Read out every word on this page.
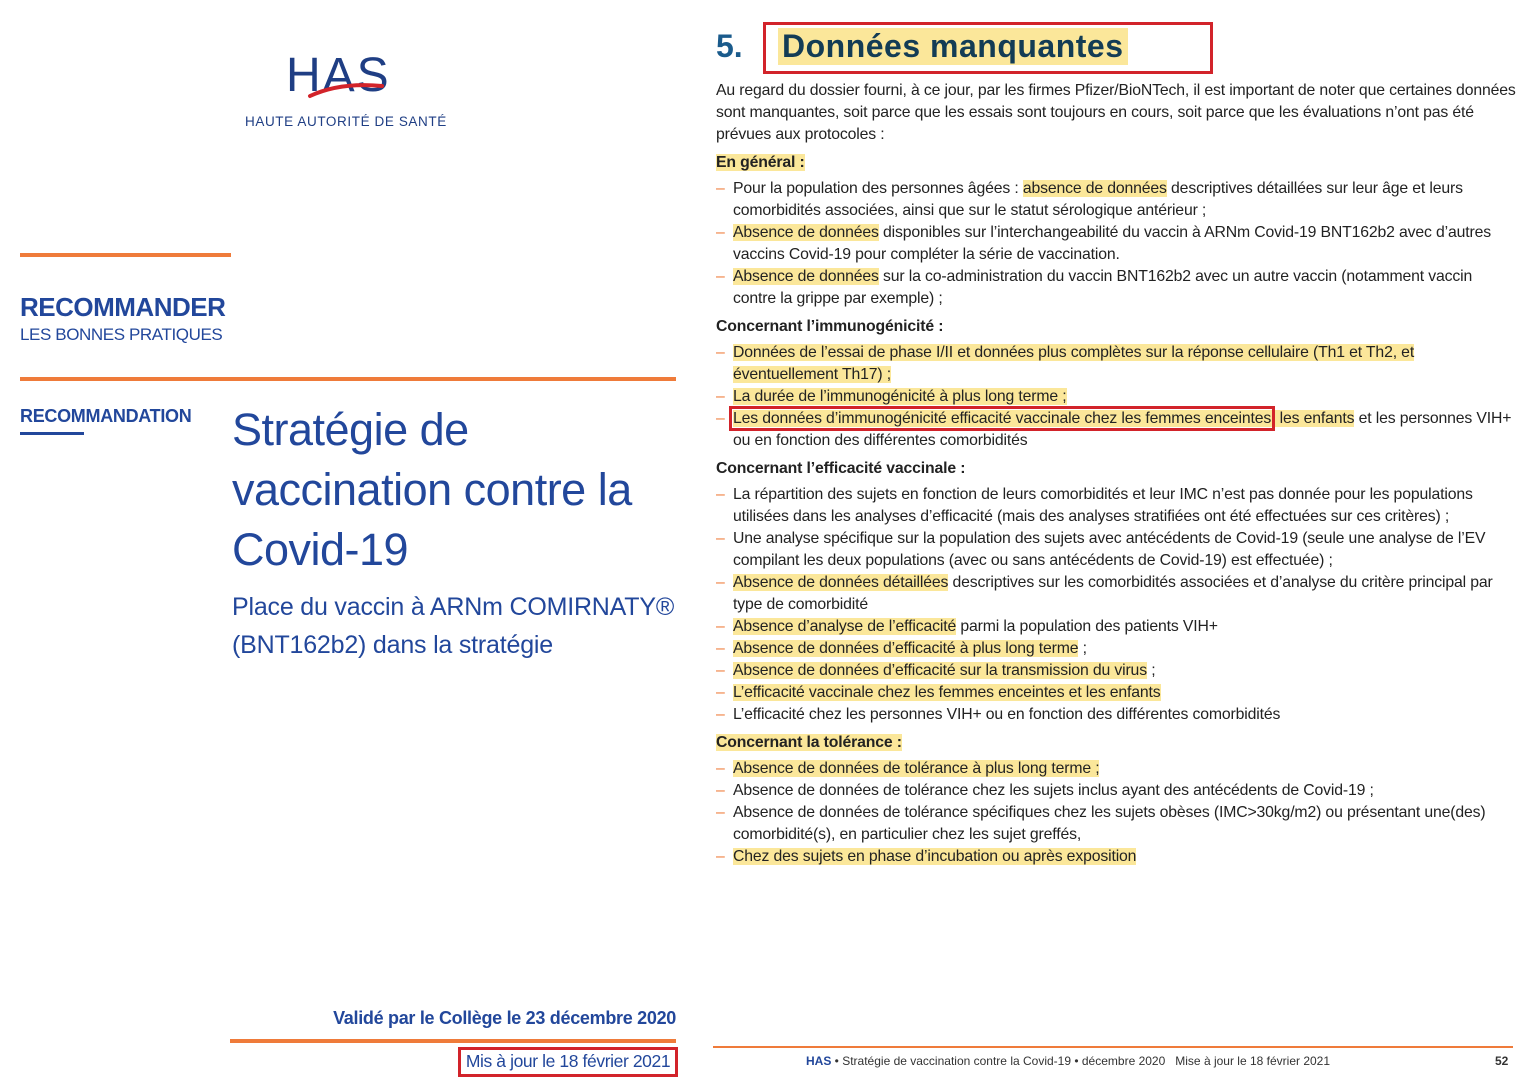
HAS
HAUTE AUTORITÉ DE SANTÉ
RECOMMANDER
LES BONNES PRATIQUES
RECOMMANDATION Stratégie de vaccination contre la Covid-19
Place du vaccin à ARNm COMIRNATY® (BNT162b2) dans la stratégie
Validé par le Collège le 23 décembre 2020
Mis à jour le 18 février 2021
5. Données manquantes

Au regard du dossier fourni, à ce jour, par les firmes Pfizer/BioNTech, il est important de noter que certaines données sont manquantes, soit parce que les essais sont toujours en cours, soit parce que les évaluations n’ont pas été prévues aux protocoles :

En général :

– Pour la population des personnes âgées : absence de données descriptives détaillées sur leur âge et leurs comorbidités associées, ainsi que sur le statut sérologique antérieur ;
– Absence de données disponibles sur l’interchangeabilité du vaccin à ARNm Covid-19 BNT162b2 avec d’autres vaccins Covid-19 pour compléter la série de vaccination.
– Absence de données sur la co-administration du vaccin BNT162b2 avec un autre vaccin (notamment vaccin contre la grippe par exemple) ;

Concernant l’immunogénicité :

– Données de l’essai de phase I/II et données plus complètes sur la réponse cellulaire (Th1 et Th2, et éventuellement Th17) ;
– La durée de l’immunogénicité à plus long terme ;
– Les données d’immunogénicité efficacité vaccinale chez les femmes enceintes, les enfants et les personnes VIH+ ou en fonction des différentes comorbidités

Concernant l’efficacité vaccinale :

– La répartition des sujets en fonction de leurs comorbidités et leur IMC n’est pas donnée pour les populations utilisées dans les analyses d’efficacité (mais des analyses stratifiées ont été effectuées sur ces critères) ;
– Une analyse spécifique sur la population des sujets avec antécédents de Covid-19 (seule une analyse de l’EV compilant les deux populations (avec ou sans antécédents de Covid-19) est effectuée) ;
– Absence de données détaillées descriptives sur les comorbidités associées et d’analyse du critère principal par type de comorbidité
– Absence d’analyse de l’efficacité parmi la population des patients VIH+
– Absence de données d’efficacité à plus long terme ;
– Absence de données d’efficacité sur la transmission du virus ;
– L’efficacité vaccinale chez les femmes enceintes et les enfants
– L’efficacité chez les personnes VIH+ ou en fonction des différentes comorbidités

Concernant la tolérance :

– Absence de données de tolérance à plus long terme ;
– Absence de données de tolérance chez les sujets inclus ayant des antécédents de Covid-19 ;
– Absence de données de tolérance spécifiques chez les sujets obèses (IMC>30kg/m2) ou présentant une(des) comorbidité(s), en particulier chez les sujet greffés,
– Chez des sujets en phase d’incubation ou après exposition
HAS • Stratégie de vaccination contre la Covid-19 • décembre 2020   Mise à jour le 18 février 2021	52
